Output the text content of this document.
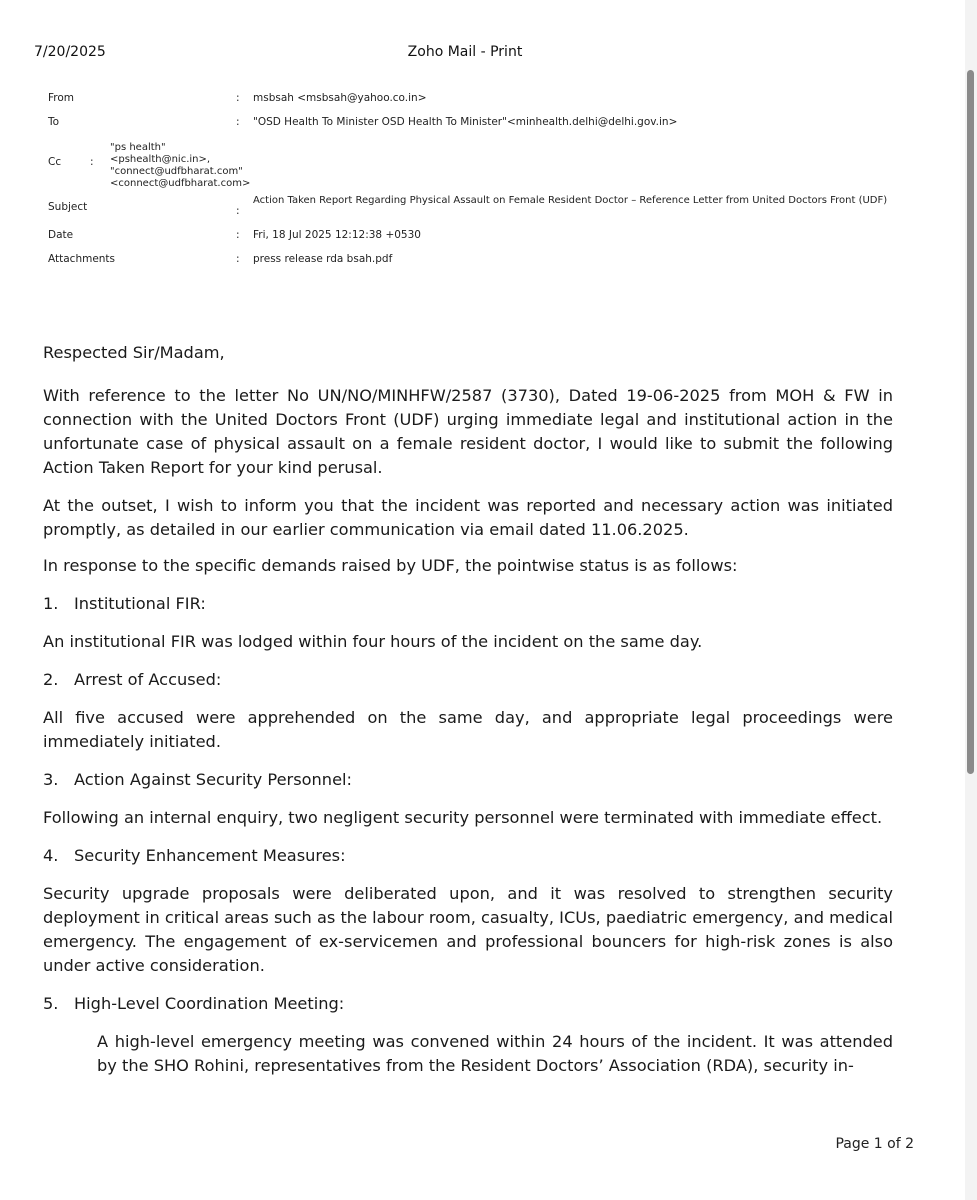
7/20/2025	Zoho Mail - Print
From	:	msbsah <msbsah@yahoo.co.in>
To	:	"OSD Health To Minister OSD Health To Minister"<minhealth.delhi@delhi.gov.in>
Cc	:
"ps health"
<pshealth@nic.in>,
"connect@udfbharat.com"
<connect@udfbharat.com>
Subject	:
Action Taken Report Regarding Physical Assault on Female Resident Doctor – Reference Letter from United Doctors Front (UDF)
Date	:	Fri, 18 Jul 2025 12:12:38 +0530
Attachments	:	press release rda bsah.pdf

Respected Sir/Madam,

With reference to the letter No UN/NO/MINHFW/2587 (3730), Dated 19-06-2025 from MOH & FW in connection with the United Doctors Front (UDF) urging immediate legal and institutional action in the unfortunate case of physical assault on a female resident doctor, I would like to submit the following Action Taken Report for your kind perusal.

At the outset, I wish to inform you that the incident was reported and necessary action was initiated promptly, as detailed in our earlier communication via email dated 11.06.2025.

In response to the specific demands raised by UDF, the pointwise status is as follows:

1. Institutional FIR:

An institutional FIR was lodged within four hours of the incident on the same day.

2. Arrest of Accused:

All five accused were apprehended on the same day, and appropriate legal proceedings were immediately initiated.

3. Action Against Security Personnel:

Following an internal enquiry, two negligent security personnel were terminated with immediate effect.

4. Security Enhancement Measures:

Security upgrade proposals were deliberated upon, and it was resolved to strengthen security deployment in critical areas such as the labour room, casualty, ICUs, paediatric emergency, and medical emergency. The engagement of ex-servicemen and professional bouncers for high-risk zones is also under active consideration.

5. High-Level Coordination Meeting:

A high-level emergency meeting was convened within 24 hours of the incident. It was attended by the SHO Rohini, representatives from the Resident Doctors’ Association (RDA), security in-

Page 1 of 2
